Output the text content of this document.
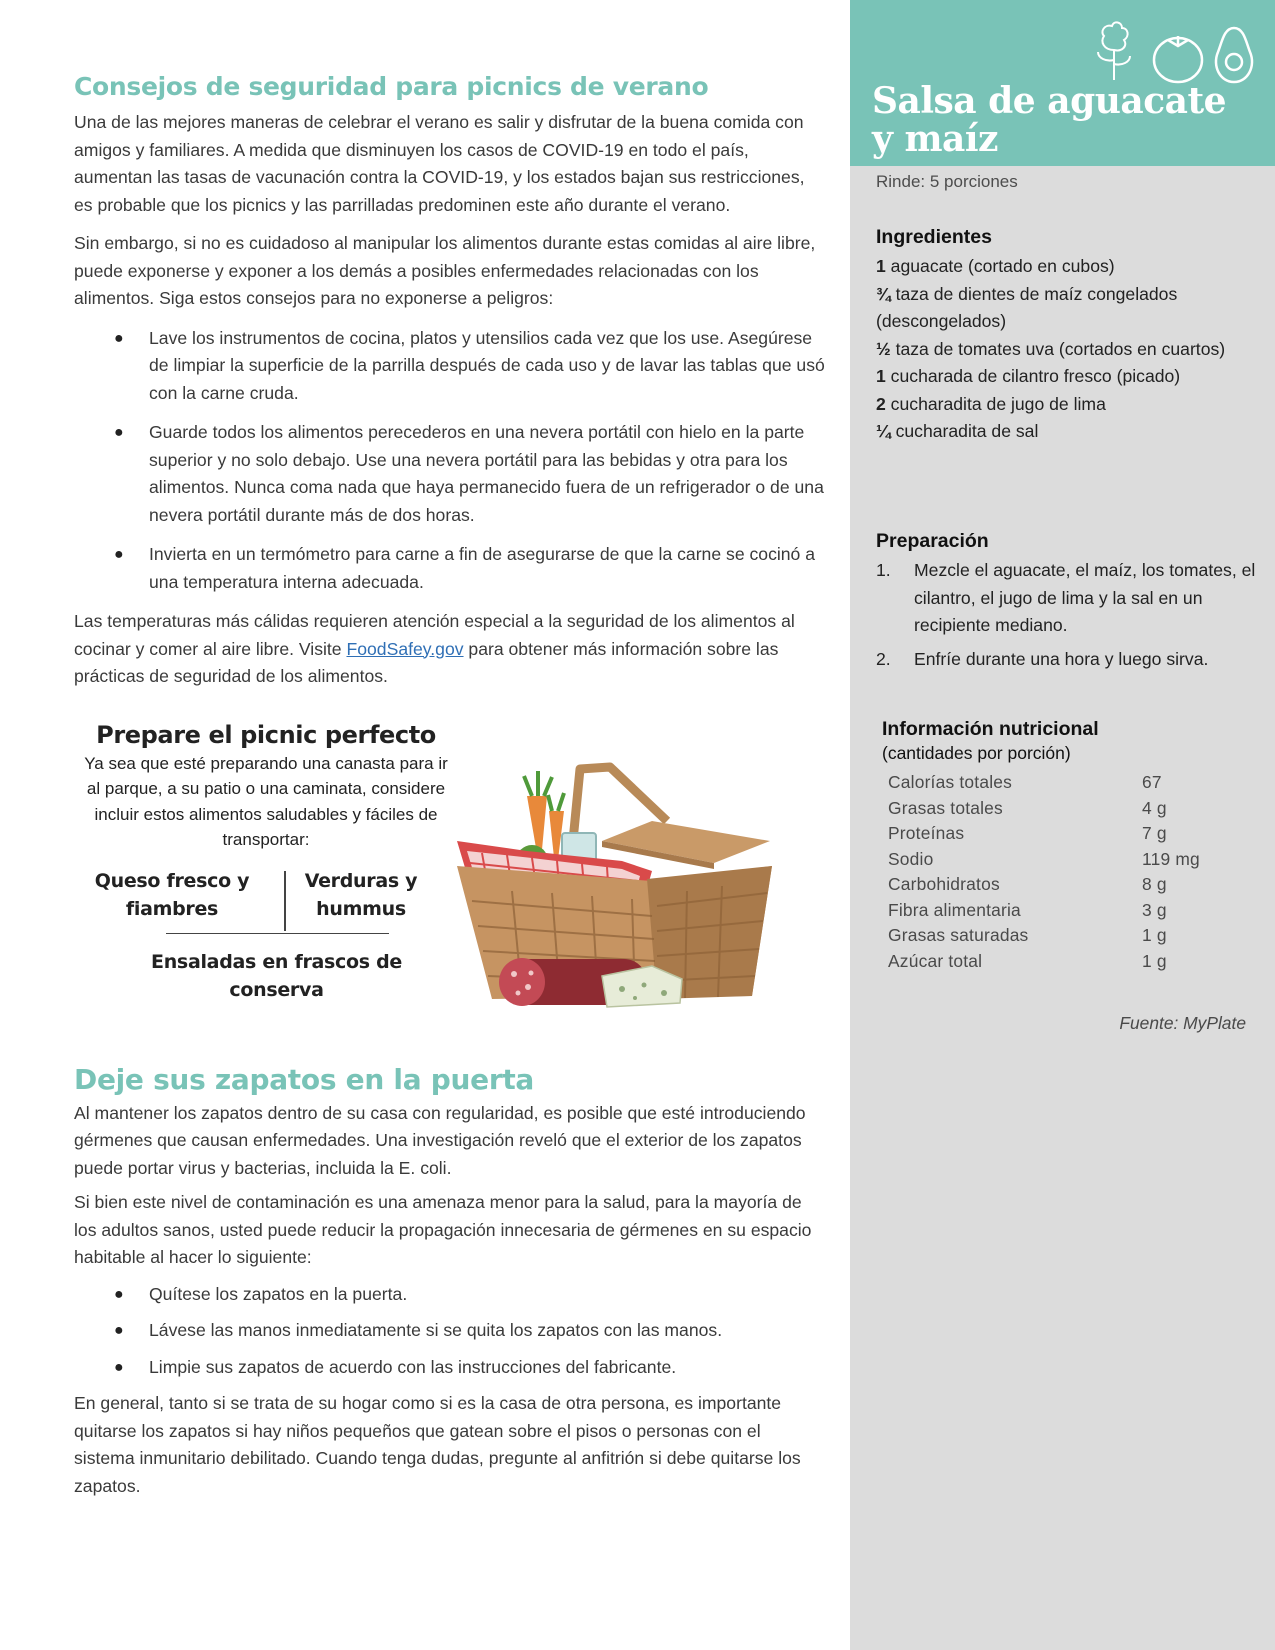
Consejos de seguridad para picnics de verano

Una de las mejores maneras de celebrar el verano es salir y disfrutar de la buena comida con amigos y familiares. A medida que disminuyen los casos de COVID-19 en todo el país, aumentan las tasas de vacunación contra la COVID-19, y los estados bajan sus restricciones, es probable que los picnics y las parrilladas predominen este año durante el verano.

Sin embargo, si no es cuidadoso al manipular los alimentos durante estas comidas al aire libre, puede exponerse y exponer a los demás a posibles enfermedades relacionadas con los alimentos. Siga estos consejos para no exponerse a peligros:

● Lave los instrumentos de cocina, platos y utensilios cada vez que los use. Asegúrese de limpiar la superficie de la parrilla después de cada uso y de lavar las tablas que usó con la carne cruda.
● Guarde todos los alimentos perecederos en una nevera portátil con hielo en la parte superior y no solo debajo. Use una nevera portátil para las bebidas y otra para los alimentos. Nunca coma nada que haya permanecido fuera de un refrigerador o de una nevera portátil durante más de dos horas.
● Invierta en un termómetro para carne a fin de asegurarse de que la carne se cocinó a una temperatura interna adecuada.

Las temperaturas más cálidas requieren atención especial a la seguridad de los alimentos al cocinar y comer al aire libre. Visite FoodSafey.gov para obtener más información sobre las prácticas de seguridad de los alimentos.

Prepare el picnic perfecto
Ya sea que esté preparando una canasta para ir al parque, a su patio o una caminata, considere incluir estos alimentos saludables y fáciles de transportar:
Queso fresco y fiambres
Verduras y hummus
Ensaladas en frascos de conserva
Deje sus zapatos en la puerta

Al mantener los zapatos dentro de su casa con regularidad, es posible que esté introduciendo gérmenes que causan enfermedades. Una investigación reveló que el exterior de los zapatos puede portar virus y bacterias, incluida la E. coli.

Si bien este nivel de contaminación es una amenaza menor para la salud, para la mayoría de los adultos sanos, usted puede reducir la propagación innecesaria de gérmenes en su espacio habitable al hacer lo siguiente:

● Quítese los zapatos en la puerta.
● Lávese las manos inmediatamente si se quita los zapatos con las manos.
● Limpie sus zapatos de acuerdo con las instrucciones del fabricante.

En general, tanto si se trata de su hogar como si es la casa de otra persona, es importante quitarse los zapatos si hay niños pequeños que gatean sobre el pisos o personas con el sistema inmunitario debilitado. Cuando tenga dudas, pregunte al anfitrión si debe quitarse los zapatos.

Salsa de aguacate
y maíz
Rinde: 5 porciones
Ingredientes
1 aguacate (cortado en cubos)
¾ taza de dientes de maíz congelados (descongelados)
½ taza de tomates uva (cortados en cuartos)
1 cucharada de cilantro fresco (picado)
2 cucharadita de jugo de lima
¼ cucharadita de sal
Preparación
1. Mezcle el aguacate, el maíz, los tomates, el cilantro, el jugo de lima y la sal en un recipiente mediano.
2. Enfríe durante una hora y luego sirva.
Información nutricional
(cantidades por porción)
Calorías totales	67
Grasas totales	4 g
Proteínas	7 g
Sodio	119 mg
Carbohidratos	8 g
Fibra alimentaria	3 g
Grasas saturadas	1 g
Azúcar total	1 g
Fuente: MyPlate
